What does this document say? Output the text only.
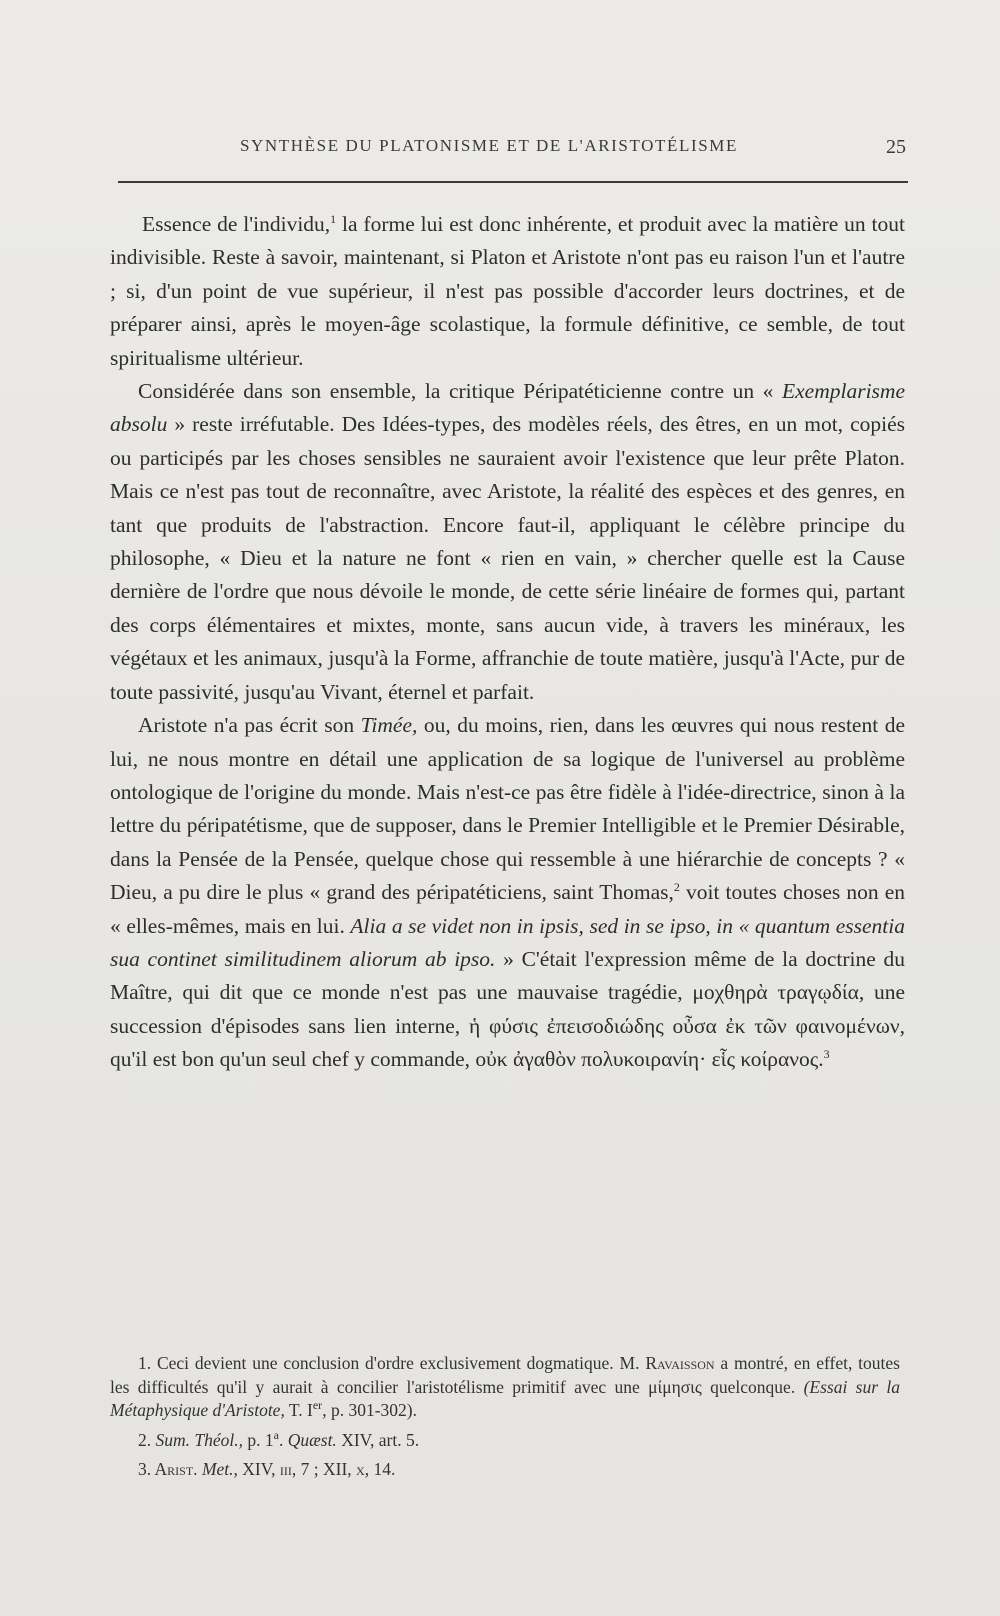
SYNTHÈSE DU PLATONISME ET DE L'ARISTOTÉLISME	25

Essence de l'individu,$^1$ la forme lui est donc inhérente, et produit avec la matière un tout indivisible. Reste à savoir, maintenant, si Platon et Aristote n'ont pas eu raison l'un et l'autre ; si, d'un point de vue supérieur, il n'est pas possible d'accorder leurs doctrines, et de préparer ainsi, après le moyen-âge scolastique, la formule définitive, ce semble, de tout spiritualisme ultérieur.

Considérée dans son ensemble, la critique Péripatéticienne contre un « Exemplarisme absolu » reste irréfutable. Des Idées-types, des modèles réels, des êtres, en un mot, copiés ou participés par les choses sensibles ne sauraient avoir l'existence que leur prête Platon. Mais ce n'est pas tout de reconnaître, avec Aristote, la réalité des espèces et des genres, en tant que produits de l'abstraction. Encore faut-il, appliquant le célèbre principe du philosophe, « Dieu et la nature ne font « rien en vain, » chercher quelle est la Cause dernière de l'ordre que nous dévoile le monde, de cette série linéaire de formes qui, partant des corps élémentaires et mixtes, monte, sans aucun vide, à travers les minéraux, les végétaux et les animaux, jusqu'à la Forme, affranchie de toute matière, jusqu'à l'Acte, pur de toute passivité, jusqu'au Vivant, éternel et parfait.

Aristote n'a pas écrit son Timée, ou, du moins, rien, dans les œuvres qui nous restent de lui, ne nous montre en détail une application de sa logique de l'universel au problème ontologique de l'origine du monde. Mais n'est-ce pas être fidèle à l'idée-directrice, sinon à la lettre du péripatétisme, que de supposer, dans le Premier Intelligible et le Premier Désirable, dans la Pensée de la Pensée, quelque chose qui ressemble à une hiérarchie de concepts ? « Dieu, a pu dire le plus « grand des péripatéticiens, saint Thomas,$^2$ voit toutes choses non en « elles-mêmes, mais en lui. Alia a se videt non in ipsis, sed in se ipso, in « quantum essentia sua continet similitudinem aliorum ab ipso. » C'était l'expression même de la doctrine du Maître, qui dit que ce monde n'est pas une mauvaise tragédie, μοχθηρὰ τραγῳδία, une succession d'épisodes sans lien interne, ἡ φύσις ἐπεισοδιώδης οὖσα ἐκ τῶν φαινομένων, qu'il est bon qu'un seul chef y commande, οὐκ ἀγαθὸν πολυκοιρανίη· εἷς κοίρανος.$^3$

1. Ceci devient une conclusion d'ordre exclusivement dogmatique. M. Ravaisson a montré, en effet, toutes les difficultés qu'il y aurait à concilier l'aristotélisme primitif avec une μίμησις quelconque. (Essai sur la Métaphysique d'Aristote, T. Ier, p. 301-302).

2. Sum. Théol., p. 1$^a$. Quæst. XIV, art. 5.

3. Arist. Met., XIV, iii, 7 ; XII, x, 14.
